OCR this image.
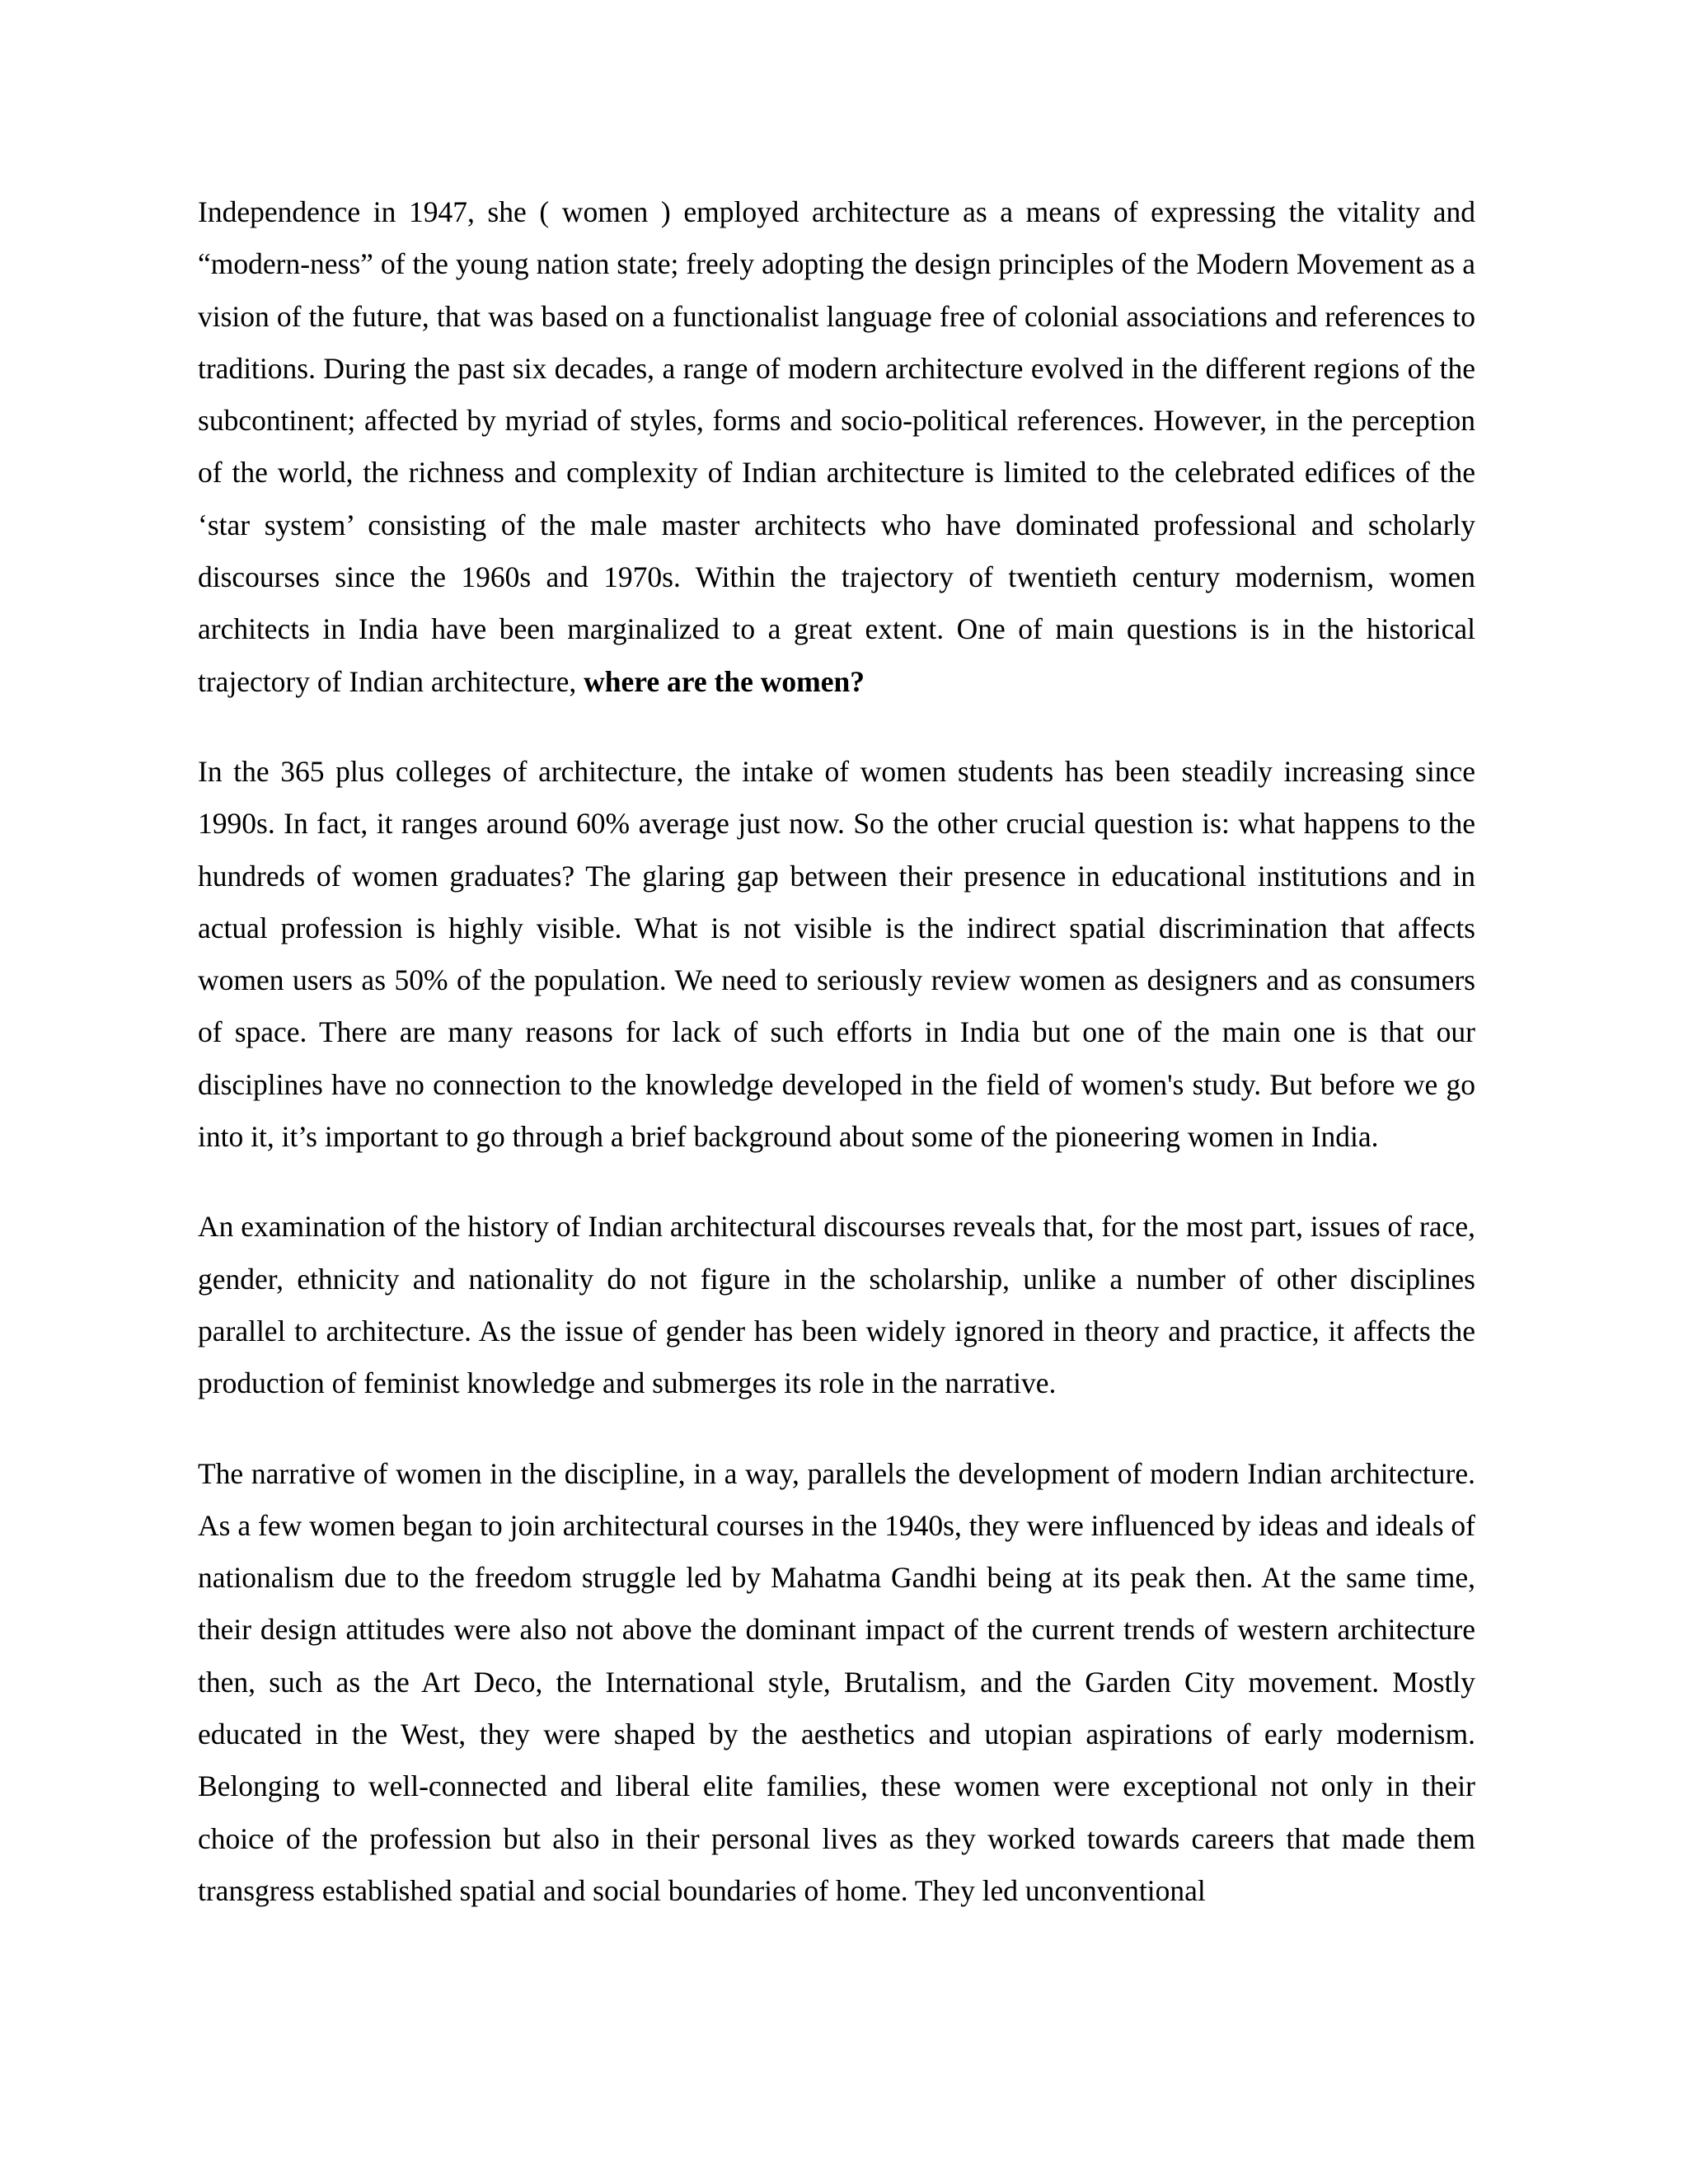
Independence in 1947, she ( women ) employed architecture as a means of expressing the vitality and “modern-ness” of the young nation state; freely adopting the design principles of the Modern Movement as a vision of the future, that was based on a functionalist language free of colonial associations and references to traditions. During the past six decades, a range of modern architecture evolved in the different regions of the subcontinent; affected by myriad of styles, forms and socio-political references. However, in the perception of the world, the richness and complexity of Indian architecture is limited to the celebrated edifices of the ‘star system’ consisting of the male master architects who have dominated professional and scholarly discourses since the 1960s and 1970s. Within the trajectory of twentieth century modernism, women architects in India have been marginalized to a great extent. One of main questions is in the historical trajectory of Indian architecture, where are the women?

In the 365 plus colleges of architecture, the intake of women students has been steadily increasing since 1990s. In fact, it ranges around 60% average just now. So the other crucial question is: what happens to the hundreds of women graduates? The glaring gap between their presence in educational institutions and in actual profession is highly visible. What is not visible is the indirect spatial discrimination that affects women users as 50% of the population. We need to seriously review women as designers and as consumers of space. There are many reasons for lack of such efforts in India but one of the main one is that our disciplines have no connection to the knowledge developed in the field of women's study. But before we go into it, it’s important to go through a brief background about some of the pioneering women in India.

An examination of the history of Indian architectural discourses reveals that, for the most part, issues of race, gender, ethnicity and nationality do not figure in the scholarship, unlike a number of other disciplines parallel to architecture. As the issue of gender has been widely ignored in theory and practice, it affects the production of feminist knowledge and submerges its role in the narrative.

The narrative of women in the discipline, in a way, parallels the development of modern Indian architecture. As a few women began to join architectural courses in the 1940s, they were influenced by ideas and ideals of nationalism due to the freedom struggle led by Mahatma Gandhi being at its peak then. At the same time, their design attitudes were also not above the dominant impact of the current trends of western architecture then, such as the Art Deco, the International style, Brutalism, and the Garden City movement. Mostly educated in the West, they were shaped by the aesthetics and utopian aspirations of early modernism. Belonging to well-connected and liberal elite families, these women were exceptional not only in their choice of the profession but also in their personal lives as they worked towards careers that made them transgress established spatial and social boundaries of home. They led unconventional
